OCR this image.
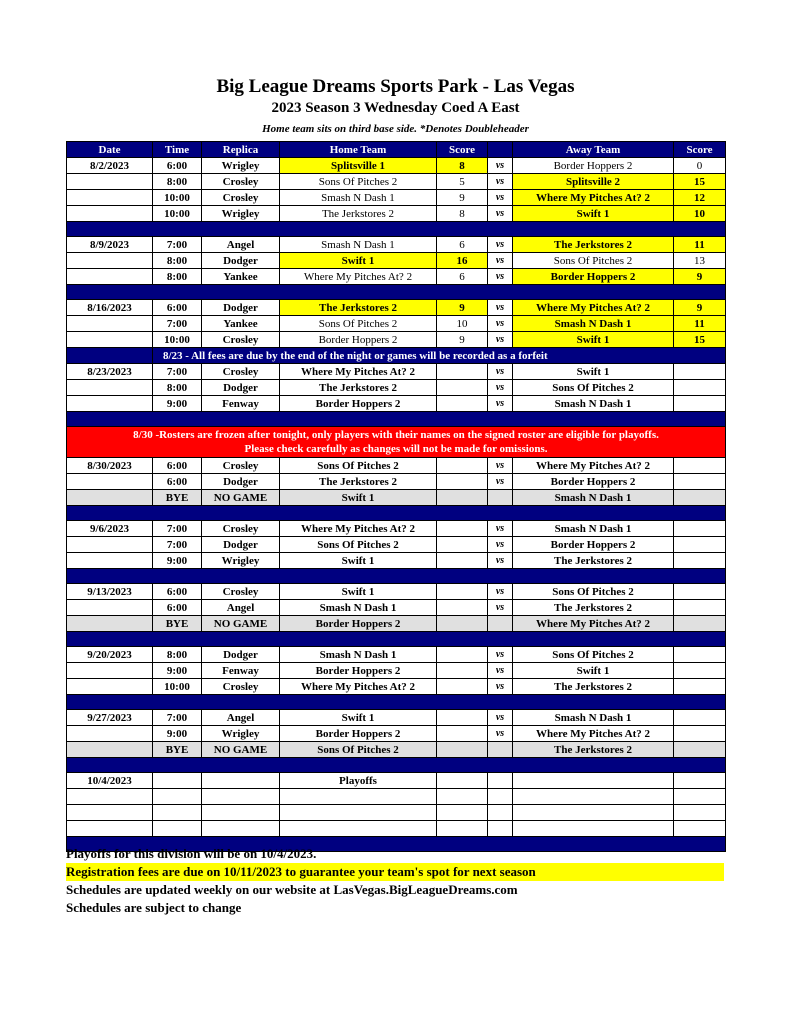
Big League Dreams Sports Park - Las Vegas
2023 Season 3 Wednesday Coed A East
Home team sits on third base side. *Denotes Doubleheader
Date	Time	Replica	Home Team	Score		Away Team	Score
8/2/2023	6:00	Wrigley	Splitsville 1	8	vs	Border Hoppers 2	0
	8:00	Crosley	Sons Of Pitches 2	5	vs	Splitsville 2	15
	10:00	Crosley	Smash N Dash 1	9	vs	Where My Pitches At? 2	12
	10:00	Wrigley	The Jerkstores 2	8	vs	Swift 1	10

8/9/2023	7:00	Angel	Smash N Dash 1	6	vs	The Jerkstores 2	11
	8:00	Dodger	Swift 1	16	vs	Sons Of Pitches 2	13
	8:00	Yankee	Where My Pitches At? 2	6	vs	Border Hoppers 2	9

8/16/2023	6:00	Dodger	The Jerkstores 2	9	vs	Where My Pitches At? 2	9
	7:00	Yankee	Sons Of Pitches 2	10	vs	Smash N Dash 1	11
	10:00	Crosley	Border Hoppers 2	9	vs	Swift 1	15
	8/23 - All fees are due by the end of the night or games will be recorded as a forfeit						
8/23/2023	7:00	Crosley	Where My Pitches At? 2		vs	Swift 1	
	8:00	Dodger	The Jerkstores 2		vs	Sons Of Pitches 2	
	9:00	Fenway	Border Hoppers 2		vs	Smash N Dash 1	

8/30 -Rosters are frozen after tonight, only players with their names on the signed roster are eligible for playoffs.
Please check carefully as changes will not be made for omissions.							

8/30/2023	6:00	Crosley	Sons Of Pitches 2		vs	Where My Pitches At? 2	
	6:00	Dodger	The Jerkstores 2		vs	Border Hoppers 2	
	BYE	NO GAME	Swift 1			Smash N Dash 1	

9/6/2023	7:00	Crosley	Where My Pitches At? 2		vs	Smash N Dash 1	
	7:00	Dodger	Sons Of Pitches 2		vs	Border Hoppers 2	
	9:00	Wrigley	Swift 1		vs	The Jerkstores 2	

9/13/2023	6:00	Crosley	Swift 1		vs	Sons Of Pitches 2	
	6:00	Angel	Smash N Dash 1		vs	The Jerkstores 2	
	BYE	NO GAME	Border Hoppers 2			Where My Pitches At? 2	

9/20/2023	8:00	Dodger	Smash N Dash 1		vs	Sons Of Pitches 2	
	9:00	Fenway	Border Hoppers 2		vs	Swift 1	
	10:00	Crosley	Where My Pitches At? 2		vs	The Jerkstores 2	

9/27/2023	7:00	Angel	Swift 1		vs	Smash N Dash 1	
	9:00	Wrigley	Border Hoppers 2		vs	Where My Pitches At? 2	
	BYE	NO GAME	Sons Of Pitches 2			The Jerkstores 2	

10/4/2023			Playoffs				

Playoffs for this division will be on 10/4/2023.
Registration fees are due on 10/11/2023 to guarantee your team's spot for next season
Schedules are updated weekly on our website at LasVegas.BigLeagueDreams.com
Schedules are subject to change
